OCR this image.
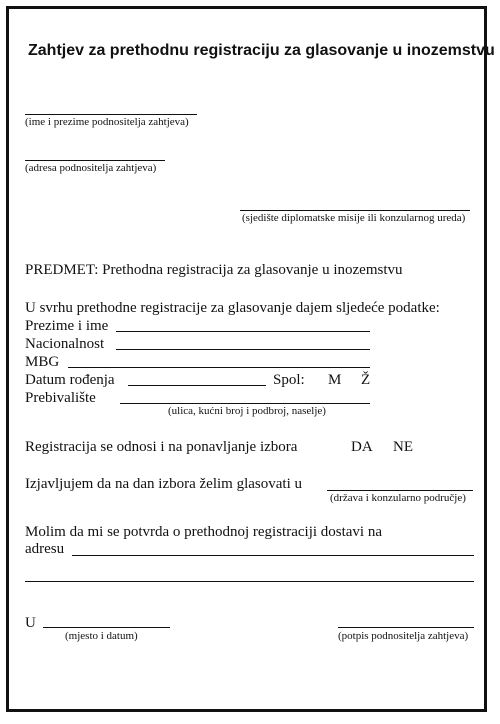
Zahtjev za prethodnu registraciju za glasovanje u inozemstvu
(ime i prezime podnositelja zahtjeva)
(adresa podnositelja zahtjeva)
(sjedište diplomatske misije ili konzularnog ureda)
PREDMET: Prethodna registracija za glasovanje u inozemstvu
U svrhu prethodne registracije za glasovanje dajem sljedeće podatke:
Prezime i ime
Nacionalnost
MBG
Datum rođenja	Spol: M Ž
Prebivalište
(ulica, kućni broj i podbroj, naselje)
Registracija se odnosi i na ponavljanje izbora	DA NE
Izjavljujem da na dan izbora želim glasovati u
(država i konzularno područje)
Molim da mi se potvrda o prethodnoj registraciji dostavi na
adresu
U
(mjesto i datum)	(potpis podnositelja zahtjeva)
